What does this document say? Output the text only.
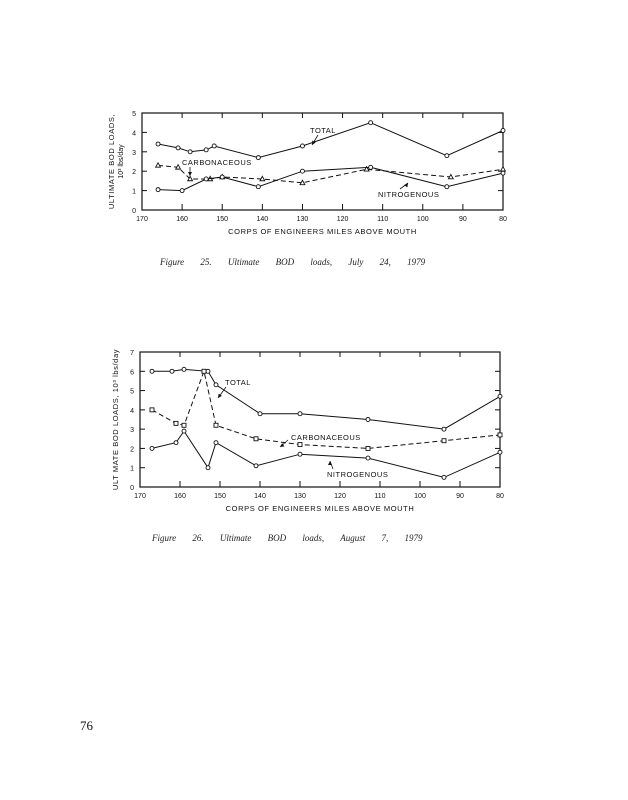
0
1
2
3
4
5
170	160	150	140	130	120	110	100	90	80
CORPS OF ENGINEERS MILES ABOVE MOUTH
ULTIMATE BOD LOADS, 10³ lbs/day
TOTAL
CARBONACEOUS
NITROGENOUS
Figure 25. Ultimate BOD loads, July 24, 1979
0
1
2
3
4
5
6
7
170	160	150	140	130	120	110	100	90	80
CORPS OF ENGINEERS MILES ABOVE MOUTH
ULT MATE BOD LOADS, 10³ lbs/day	TOTAL
CARBONACEOUS
NITROGENOUS
Figure 26. Ultimate BOD loads, August 7, 1979
76
